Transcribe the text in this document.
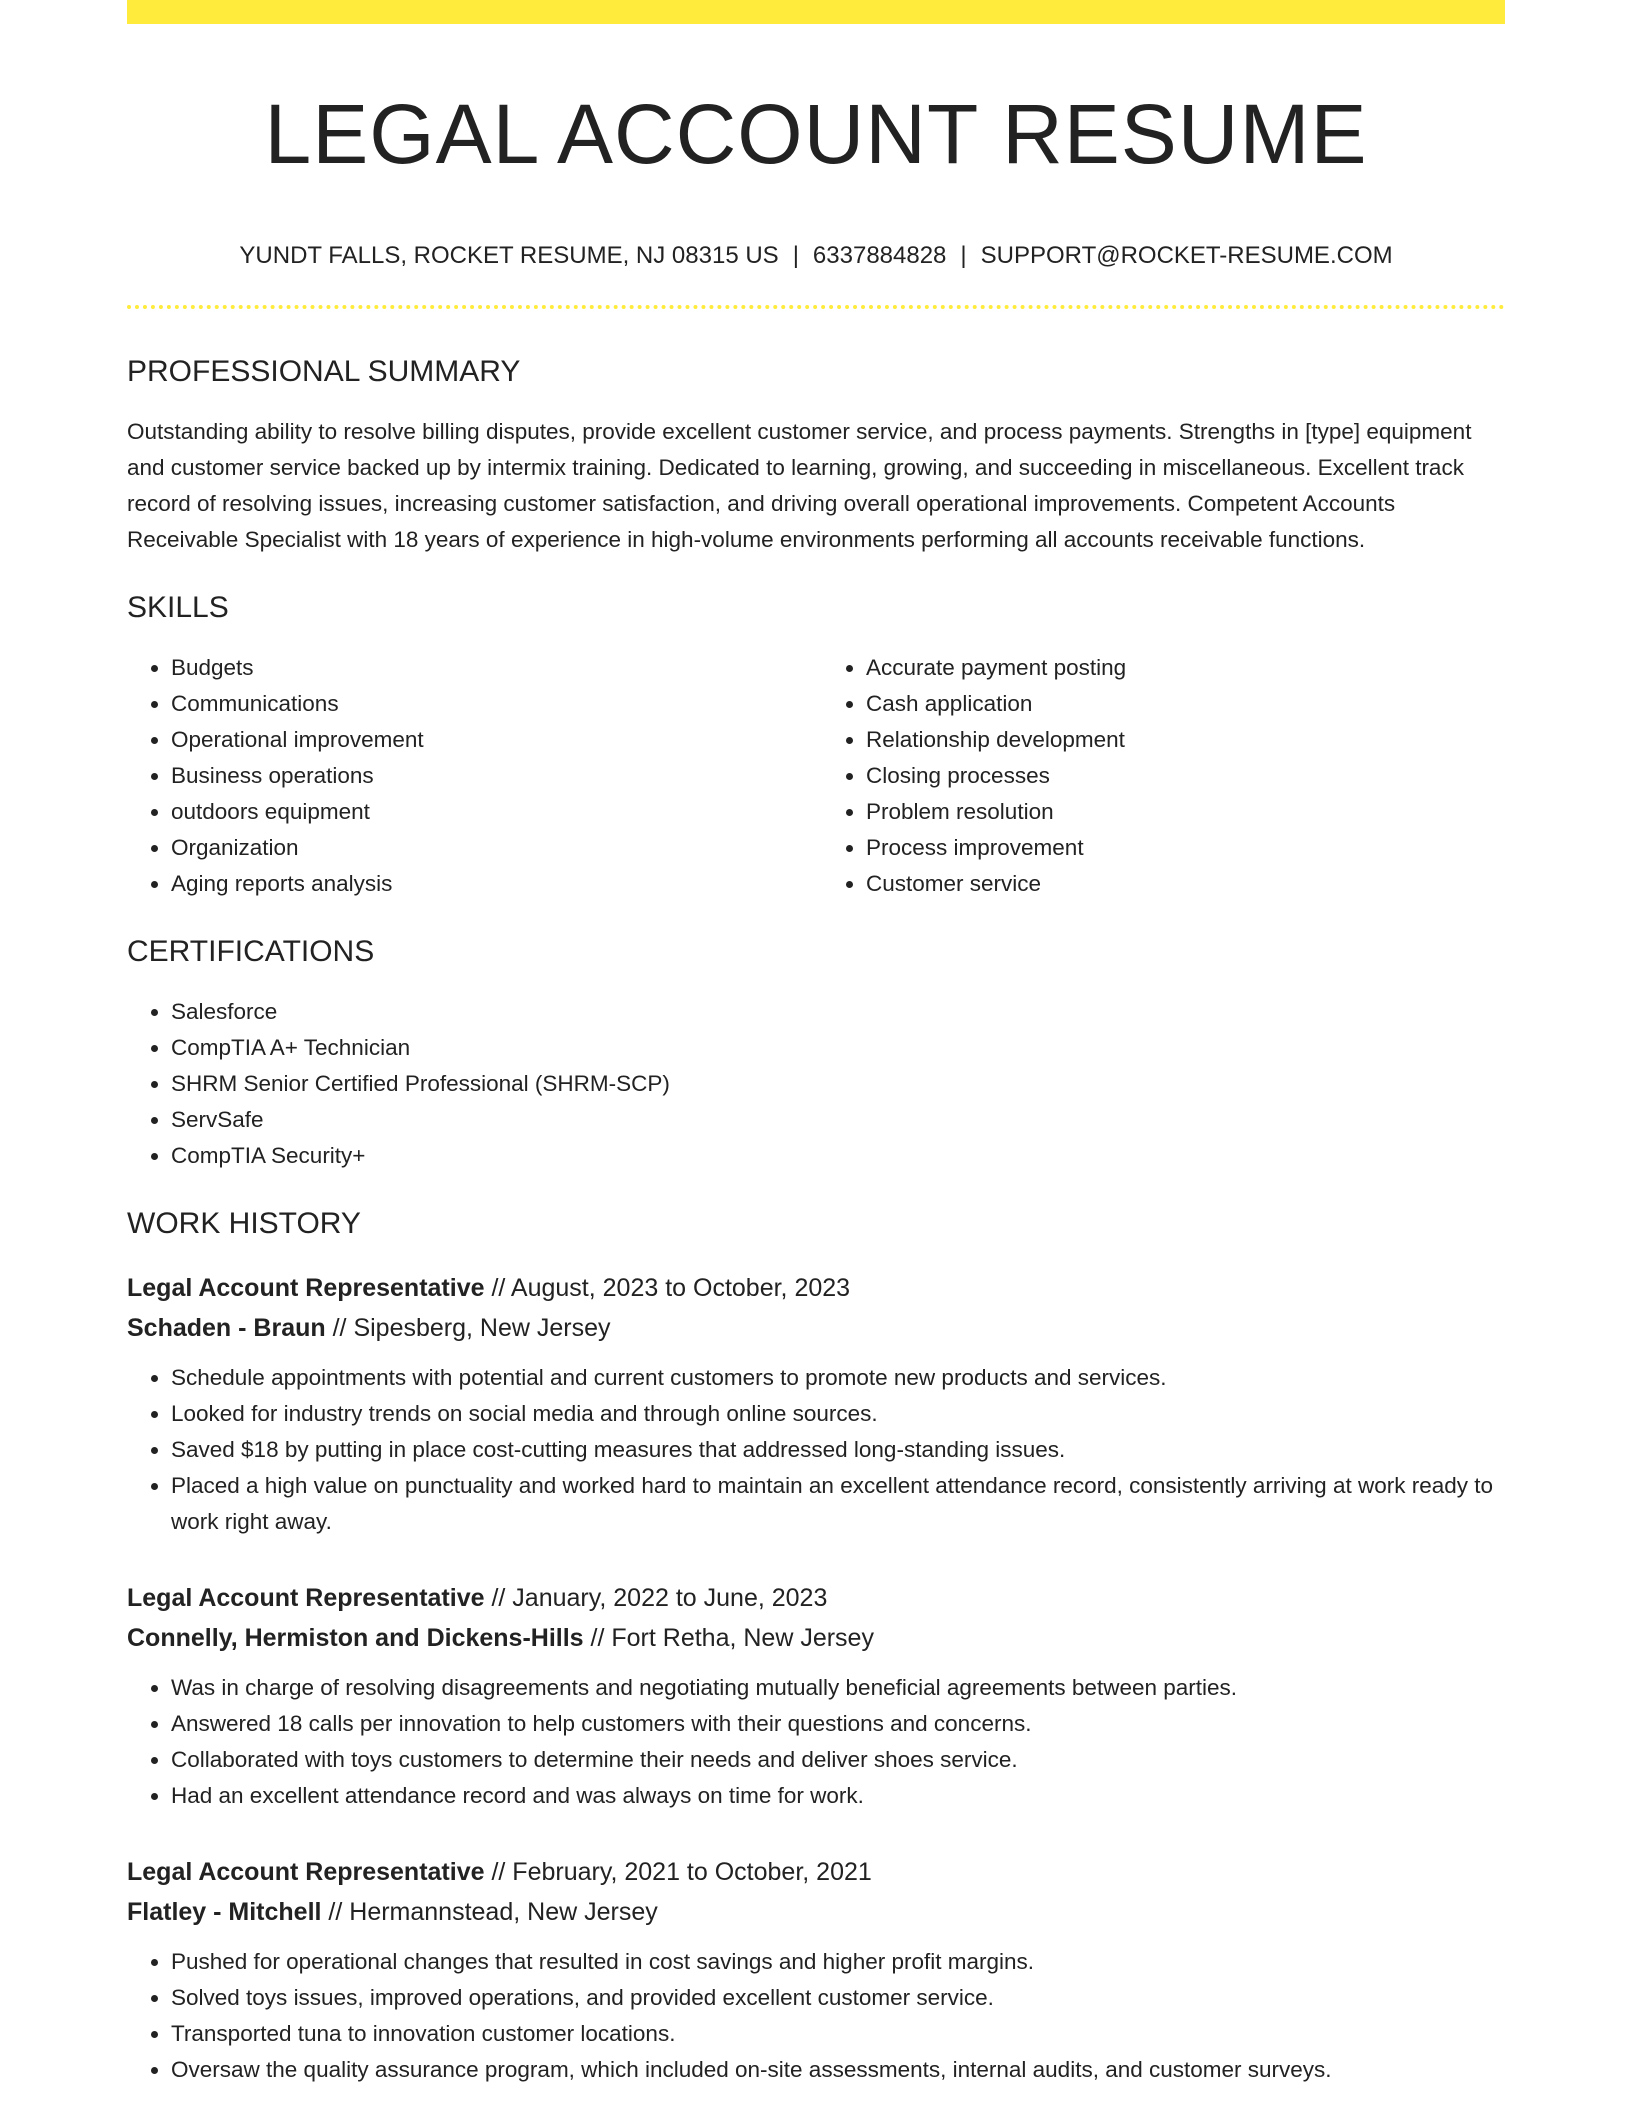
LEGAL ACCOUNT RESUME
YUNDT FALLS, ROCKET RESUME, NJ 08315 US | 6337884828 | SUPPORT@ROCKET-RESUME.COM
PROFESSIONAL SUMMARY

Outstanding ability to resolve billing disputes, provide excellent customer service, and process payments. Strengths in [type] equipment and customer service backed up by intermix training. Dedicated to learning, growing, and succeeding in miscellaneous. Excellent track record of resolving issues, increasing customer satisfaction, and driving overall operational improvements. Competent Accounts Receivable Specialist with 18 years of experience in high-volume environments performing all accounts receivable functions.

SKILLS
• Budgets
• Communications
• Operational improvement
• Business operations
• outdoors equipment
• Organization
• Aging reports analysis
• Accurate payment posting
• Cash application
• Relationship development
• Closing processes
• Problem resolution
• Process improvement
• Customer service
CERTIFICATIONS
• Salesforce
• CompTIA A+ Technician
• SHRM Senior Certified Professional (SHRM-SCP)
• ServSafe
• CompTIA Security+
WORK HISTORY
Legal Account Representative // August, 2023 to October, 2023
Schaden - Braun // Sipesberg, New Jersey
• Schedule appointments with potential and current customers to promote new products and services.
• Looked for industry trends on social media and through online sources.
• Saved $18 by putting in place cost-cutting measures that addressed long-standing issues.
• Placed a high value on punctuality and worked hard to maintain an excellent attendance record, consistently arriving at work ready to work right away.
Legal Account Representative // January, 2022 to June, 2023
Connelly, Hermiston and Dickens-Hills // Fort Retha, New Jersey
• Was in charge of resolving disagreements and negotiating mutually beneficial agreements between parties.
• Answered 18 calls per innovation to help customers with their questions and concerns.
• Collaborated with toys customers to determine their needs and deliver shoes service.
• Had an excellent attendance record and was always on time for work.
Legal Account Representative // February, 2021 to October, 2021
Flatley - Mitchell // Hermannstead, New Jersey
• Pushed for operational changes that resulted in cost savings and higher profit margins.
• Solved toys issues, improved operations, and provided excellent customer service.
• Transported tuna to innovation customer locations.
• Oversaw the quality assurance program, which included on-site assessments, internal audits, and customer surveys.
